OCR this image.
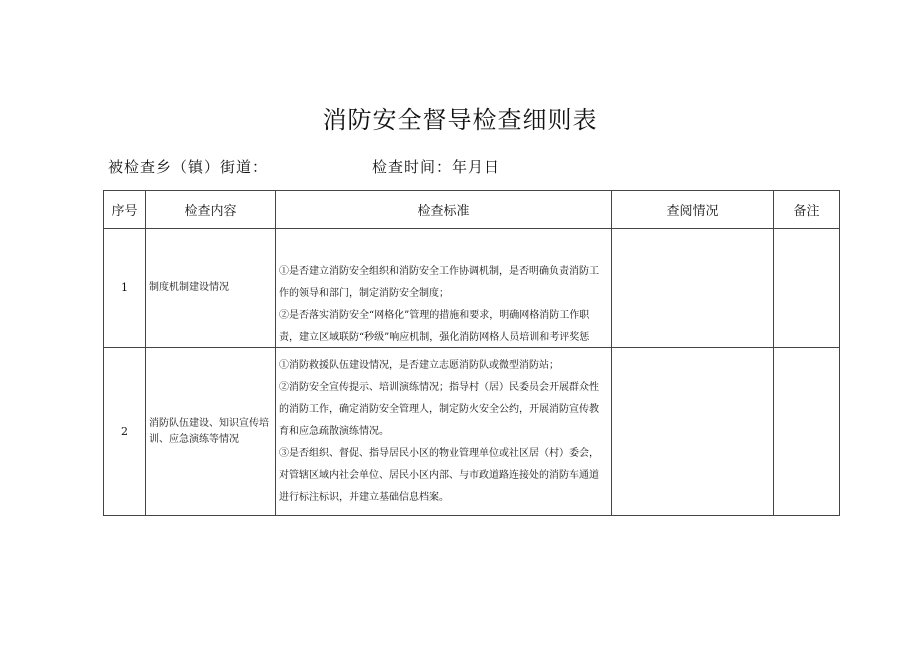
消防安全督导检查细则表
被检查乡（镇）街道：	检查时间：年月日
序号	检查内容	检查标准	查阅情况	备注
1	制度机制建设情况	①是否建立消防安全组织和消防安全工作协调机制，是否明确负责消防工作的领导和部门，制定消防安全制度；
②是否落实消防安全“网格化”管理的措施和要求，明确网格消防工作职责，建立区域联防“秒级”响应机制，强化消防网格人员培训和考评奖惩		

2	消防队伍建设、知识宣传培训、应急演练等情况	①消防救援队伍建设情况，是否建立志愿消防队或微型消防站；
②消防安全宣传提示、培训演练情况；指导村（居）民委员会开展群众性的消防工作，确定消防安全管理人，制定防火安全公约，开展消防宣传教育和应急疏散演练情况。
③是否组织、督促、指导居民小区的物业管理单位或社区居（村）委会，对管辖区域内社会单位、居民小区内部、与市政道路连接处的消防车通道进行标注标识，并建立基础信息档案。		
